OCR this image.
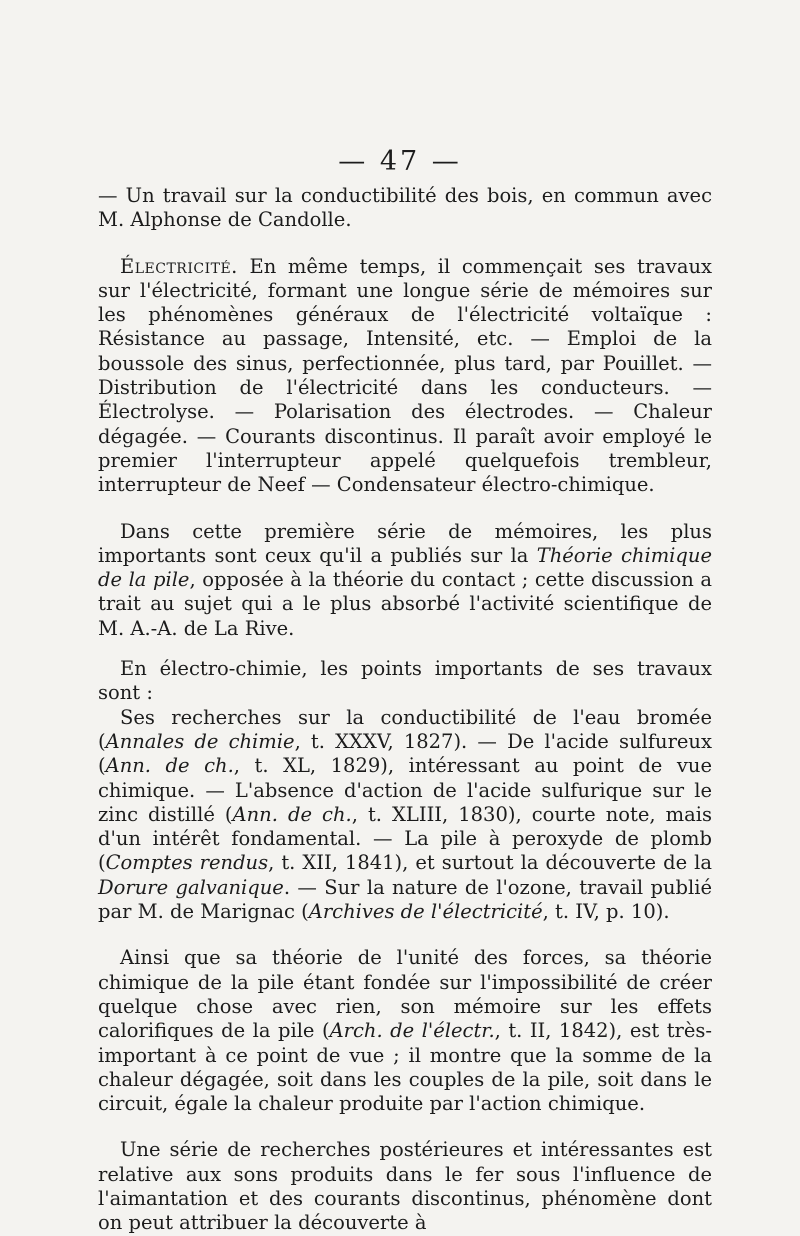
— 47 —

— Un travail sur la conductibilité des bois, en commun avec M. Alphonse de Candolle.

Électricité. En même temps, il commençait ses travaux sur l'électricité, formant une longue série de mémoires sur les phénomènes généraux de l'électricité voltaïque : Résistance au passage, Intensité, etc. — Emploi de la boussole des sinus, perfectionnée, plus tard, par Pouillet. — Distribution de l'électricité dans les conducteurs. — Électrolyse. — Polarisation des électrodes. — Chaleur dégagée. — Courants discontinus. Il paraît avoir employé le premier l'interrupteur appelé quelquefois trembleur, interrupteur de Neef — Condensateur électro-chimique.

Dans cette première série de mémoires, les plus importants sont ceux qu'il a publiés sur la Théorie chimique de la pile, opposée à la théorie du contact ; cette discussion a trait au sujet qui a le plus absorbé l'activité scientifique de M. A.-A. de La Rive.

En électro-chimie, les points importants de ses travaux sont :

Ses recherches sur la conductibilité de l'eau bromée (Annales de chimie, t. XXXV, 1827). — De l'acide sulfureux (Ann. de ch., t. XL, 1829), intéressant au point de vue chimique. — L'absence d'action de l'acide sulfurique sur le zinc distillé (Ann. de ch., t. XLIII, 1830), courte note, mais d'un intérêt fondamental. — La pile à peroxyde de plomb (Comptes rendus, t. XII, 1841), et surtout la découverte de la Dorure galvanique. — Sur la nature de l'ozone, travail publié par M. de Marignac (Archives de l'électricité, t. IV, p. 10).

Ainsi que sa théorie de l'unité des forces, sa théorie chimique de la pile étant fondée sur l'impossibilité de créer quelque chose avec rien, son mémoire sur les effets calorifiques de la pile (Arch. de l'électr., t. II, 1842), est très-important à ce point de vue ; il montre que la somme de la chaleur dégagée, soit dans les couples de la pile, soit dans le circuit, égale la chaleur produite par l'action chimique.

Une série de recherches postérieures et intéressantes est relative aux sons produits dans le fer sous l'influence de l'aimantation et des courants discontinus, phénomène dont on peut attribuer la découverte à
